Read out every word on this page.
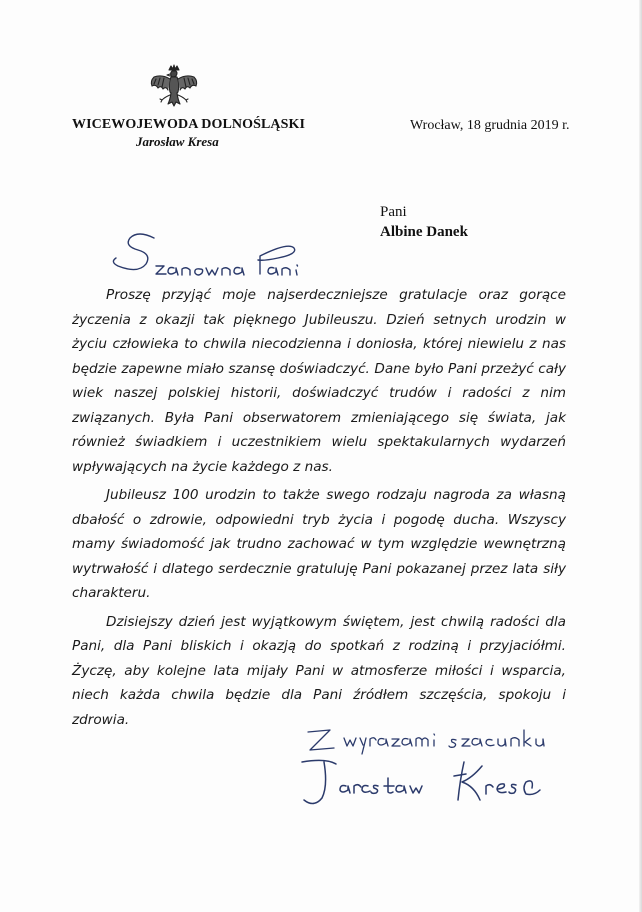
WICEWOJEWODA DOLNOŚLĄSKI
Jarosław Kresa
Wrocław, 18 grudnia 2019 r.
Pani
Albine Danek

Proszę przyjąć moje najserdeczniejsze gratulacje oraz gorące życzenia z okazji tak pięknego Jubileuszu. Dzień setnych urodzin w życiu człowieka to chwila niecodzienna i doniosła, której niewielu z nas będzie zapewne miało szansę doświadczyć. Dane było Pani przeżyć cały wiek naszej polskiej historii, doświadczyć trudów i radości z nim związanych. Była Pani obserwatorem zmieniającego się świata, jak również świadkiem i uczestnikiem wielu spektakularnych wydarzeń wpływających na życie każdego z nas.

Jubileusz 100 urodzin to także swego rodzaju nagroda za własną dbałość o zdrowie, odpowiedni tryb życia i pogodę ducha. Wszyscy mamy świadomość jak trudno zachować w tym względzie wewnętrzną wytrwałość i dlatego serdecznie gratuluję Pani pokazanej przez lata siły charakteru.

Dzisiejszy dzień jest wyjątkowym świętem, jest chwilą radości dla Pani, dla Pani bliskich i okazją do spotkań z rodziną i przyjaciółmi. Życzę, aby kolejne lata mijały Pani w atmosferze miłości i wsparcia, niech każda chwila będzie dla Pani źródłem szczęścia, spokoju i zdrowia.
